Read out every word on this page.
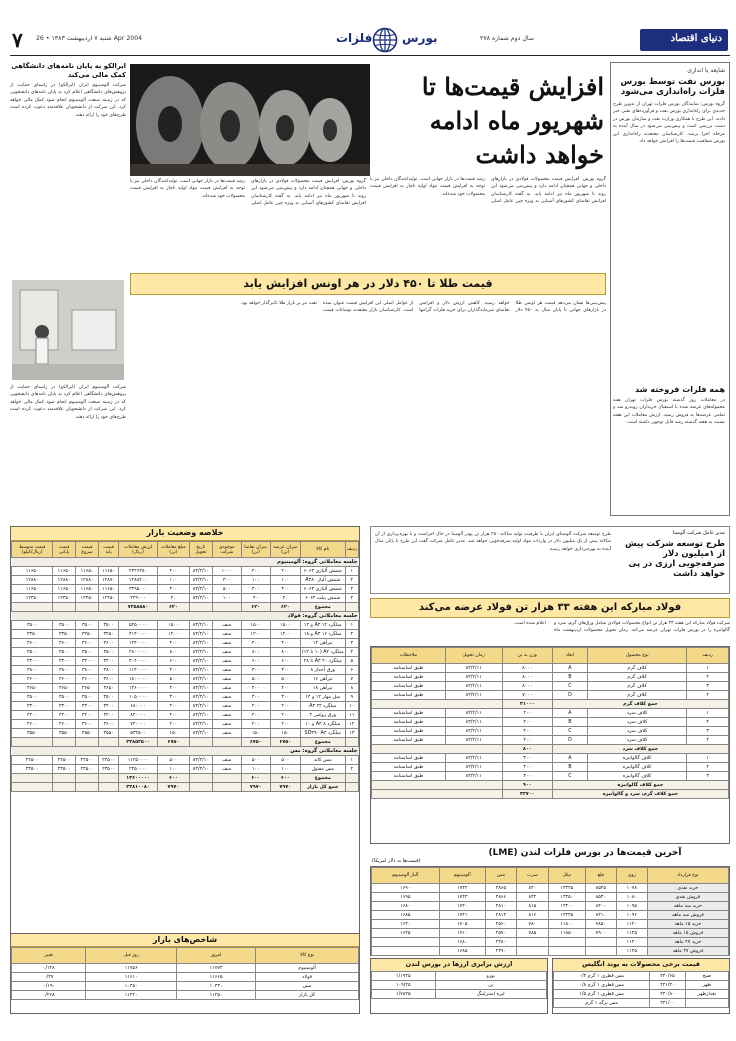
۷ شنبه ۷ اردیبهشت ۱۳۸۳ • 26 Apr 2004	بورس
فلزات	سال دوم شماره ۲۷۸	دنیای اقتصاد
شایعه یا اندازی
بورس نفت توسط بورس فلزات راه‌اندازی می‌شود
گروه بورس: نمایندگان بورس فلزات تهران از تدوین طرح جدیدی برای راه‌اندازی بورس نفت و فرآورده‌های نفتی خبر دادند. این طرح با همکاری وزارت نفت و سازمان بورس در دست بررسی است و پیش‌بینی می‌شود در سال آینده به مرحله اجرا برسد. کارشناسان معتقدند راه‌اندازی این بورس شفافیت قیمت‌ها را افزایش خواهد داد.
همه فلزات فروخته شد
در معاملات روز گذشته بورس فلزات تهران همه محموله‌های عرضه شده با استقبال خریداران روبه‌رو شد و تمامی عرضه‌ها به فروش رسید. ارزش معاملات این هفته نسبت به هفته گذشته رشد قابل توجهی داشته است.
افزایش قیمت‌ها تا شهریور ماه ادامه خواهد داشت
گروه بورس: افزایش قیمت محصولات فولادی در بازارهای داخلی و جهانی همچنان ادامه دارد و پیش‌بینی می‌شود این روند تا شهریور ماه نیز ادامه یابد. به گفته کارشناسان افزایش تقاضای کشورهای آسیایی به ویژه چین عامل اصلی رشد قیمت‌ها در بازار جهانی است. تولیدکنندگان داخلی نیز با توجه به افزایش قیمت مواد اولیه ناچار به افزایش قیمت محصولات خود شده‌اند.
گروه بورس: افزایش قیمت محصولات فولادی در بازارهای داخلی و جهانی همچنان ادامه دارد و پیش‌بینی می‌شود این روند تا شهریور ماه نیز ادامه یابد. به گفته کارشناسان افزایش تقاضای کشورهای آسیایی به ویژه چین عامل اصلی رشد قیمت‌ها در بازار جهانی است. تولیدکنندگان داخلی نیز با توجه به افزایش قیمت مواد اولیه ناچار به افزایش قیمت محصولات خود شده‌اند.
ایرالکو به پایان نامه‌های دانشگاهی کمک مالی می‌کند
شرکت آلومینیوم ایران (ایرالکو) در راستای حمایت از پژوهش‌های دانشگاهی اعلام کرد به پایان نامه‌های دانشجویی که در زمینه صنعت آلومینیوم انجام شود کمک مالی خواهد کرد. این شرکت از دانشجویان علاقه‌مند دعوت کرده است طرح‌های خود را ارائه دهند.
شرکت آلومینیوم ایران (ایرالکو) در راستای حمایت از پژوهش‌های دانشگاهی اعلام کرد به پایان نامه‌های دانشجویی که در زمینه صنعت آلومینیوم انجام شود کمک مالی خواهد کرد. این شرکت از دانشجویان علاقه‌مند دعوت کرده است طرح‌های خود را ارائه دهند.
قیمت طلا تا ۴۵۰ دلار در هر اونس افزایش یابد
پیش‌بینی‌ها نشان می‌دهد قیمت هر اونس طلا در بازارهای جهانی تا پایان سال به ۴۵۰ دلار خواهد رسید. کاهش ارزش دلار و افزایش تقاضای سرمایه‌گذاران برای خرید فلزات گرانبها از عوامل اصلی این افزایش قیمت عنوان شده است. کارشناسان بازار معتقدند نوسانات قیمت نفت نیز بر بازار طلا تاثیرگذار خواهد بود.
خلاصه وضعیت بازار
ردیف	نام کالا	میزان عرضه (تن)	میزان تقاضا (تن)	موجودی شرکت	تاریخ تحویل	مبلغ معاملات (تن)	ارزش معاملات (ریال)	قیمت پایه	قیمت شروع	قیمت پایانی	قیمت متوسط (ریال/کیلو)
جلسه معاملاتی گروه: آلومینیوم											
۱	شمش آلیاژی ۶۰۶۳	۲۰۰	۲۰۰	۱۰۰۰	۸۳/۲/۱۰	۲۰۰	۲۳۲۶۳۸۰	۱۱۶۵۰	۱۱۶۵۰	۱۱۶۵۰	۱۱۶۵۰
۲	شمش آلیاژ A۳۸۰	۱۰۰	۱۰۰	۳۰۰	۸۳/۲/۱۰	۱۰۰	۱۲۸۸۲۰۰	۱۲۸۷۰	۱۲۸۸۰	۱۲۸۸۰	۱۲۸۸۰
۳	شمش آلیاژی ۶۰۶۳	۳۰۰	۳۰۰	۵۰۰	۸۳/۲/۱۰	۳۰۰	۳۴۹۵۰۰۰	۱۱۶۵۰	۱۱۶۵۰	۱۱۶۵۰	۱۱۶۵۰
۴	شمش بیلت ۶۰۶۳	۲۰	۲۰	۱۰۰	۸۳/۲/۱۰	۲۰	۲۴۹۰۰۰	۱۲۴۵۰	۱۲۴۵۰	۱۲۴۵۰	۱۲۴۵۰
	مجموع	۶۲۰	۶۲۰			۶۲۰	۷۳۵۸۵۸۰				
جلسه معاملاتی گروه: فولاد											
۱	میلگرد A۳ ۱۲ و ۱۴	۱۵۰۰	۱۵۰۰	سف	۸۳/۲/۱۰	۱۵۰۰	۵۲۵۰۰۰۰	۳۵۰۰	۳۵۰۰	۳۵۰۰	۳۵۰۰
۲	میلگرد A۳ ۱۶ و ۱۸	۱۲۰۰	۱۲۰۰	سف	۸۳/۲/۱۰	۱۲۰۰	۴۱۴۰۰۰۰	۳۴۵۰	۳۴۵۰	۳۴۵۰	۳۴۵۰
۳	تیرآهن ۱۴	۴۰۰	۴۰۰	سف	۸۳/۲/۱۰	۴۰۰	۱۴۴۰۰۰۰	۳۶۰۰	۳۶۰۰	۳۶۰۰	۳۶۰۰
۴	میلگرد A۲ (۱۰ تا ۱۲)	۸۰۰	۸۰۰	سف	۸۳/۲/۱۰	۸۰۰	۲۸۰۰۰۰۰	۳۵۰۰	۳۵۰۰	۳۵۰۰	۳۵۰۰
۵	میلگرد A۳ ۲۰ تا ۲۸	۶۰۰	۶۰۰	سف	۸۳/۲/۱۰	۶۰۰	۲۰۴۰۰۰۰	۳۴۰۰	۳۴۰۰	۳۴۰۰	۳۴۰۰
۶	ورق آجدار ۸	۳۰۰	۳۰۰	سف	۸۳/۲/۱۰	۳۰۰	۱۱۴۰۰۰۰	۳۸۰۰	۳۸۰۰	۳۸۰۰	۳۸۰۰
۷	تیرآهن ۱۶	۵۰۰	۵۰۰	سف	۸۳/۲/۱۰	۵۰۰	۱۸۰۰۰۰۰	۳۶۰۰	۳۶۰۰	۳۶۰۰	۳۶۰۰
۸	تیرآهن ۱۸	۴۰۰	۴۰۰	سف	۸۳/۲/۱۰	۴۰۰	۱۴۶۰۰۰۰	۳۶۵۰	۳۶۵۰	۳۶۵۰	۳۶۵۰
۹	میل مهار ۱۲ و ۱۴	۳۰۰	۳۰۰	سف	۸۳/۲/۱۰	۳۰۰	۱۰۵۰۰۰۰	۳۵۰۰	۳۵۰۰	۳۵۰۰	۳۵۰۰
۱۰	میلگرد A۳ ۲۲	۲۰۰	۲۰۰	سف	۸۳/۲/۱۰	۲۰۰	۶۸۰۰۰۰	۳۴۰۰	۳۴۰۰	۳۴۰۰	۳۴۰۰
۱۱	ورق روغنی ۲	۲۰۰	۲۰۰	سف	۸۳/۲/۱۰	۲۰۰	۸۴۰۰۰۰	۴۲۰۰	۴۲۰۰	۴۲۰۰	۴۲۰۰
۱۲	میلگرد A۳ ۸ و ۱۰	۲۰۰	۲۰۰	سف	۸۳/۲/۱۰	۲۰۰	۷۲۰۰۰۰	۳۶۰۰	۳۶۰۰	۳۶۰۰	۳۶۰۰
۱۳	میلگرد SD۳۹۰ A۳	۱۵۰	۱۵۰	سف	۸۳/۲/۱۰	۱۵۰	۵۳۲۵۰۰	۳۵۵۰	۳۵۵۰	۳۵۵۰	۳۵۵۰
	مجموع	۶۷۵۰	۶۷۵۰			۶۷۵۰	۲۳۸۵۲۵۰۰				
جلسه معاملاتی گروه: مس											
۱	مس کاتد	۵۰۰	۵۰۰	سف	۸۳/۲/۱۰	۵۰۰	۱۱۲۵۰۰۰۰	۲۲۵۰۰	۲۲۵۰۰	۲۲۵۰۰	۲۲۵۰۰
۲	مس مفتول	۱۰۰	۱۰۰	سف	۸۳/۲/۱۰	۱۰۰	۲۳۵۰۰۰۰	۲۳۵۰۰	۲۳۵۰۰	۲۳۵۰۰	۲۳۵۰۰
	مجموع	۶۰۰	۶۰۰			۶۰۰	۱۳۶۰۰۰۰۰				
	جمع کل بازار	۷۹۷۰	۷۹۷۰			۷۹۷۰	۴۴۸۱۰۰۸۰				
شاخص‌های بازار
نوع کالا	امروز	روز قبل	تغییر
آلومینیوم	۱۱۷۷۳	۱۱۷۵۶	۰/۱۴۸
فولاد	۱۱۶۶۵	۱۱۶۱۰	۰/۴۷
مس	۱۰۴۳۰	۱۰۴۵۰	-۰/۱۹
کل بازار	۱۱۲۵۰	۱۱۲۲۰	۰/۲۶۸
مدیر عامل شرکت آلومینا
طرح توسعه شرکت پیش از ۱میلیون دلار صرفه‌جویی ارزی در پی خواهد داشت
طرح توسعه شرکت آلومینای ایران با ظرفیت تولید سالانه ۲۸۰ هزار تن پودر آلومینا در حال اجراست و با بهره‌برداری از آن سالانه بیش از یک میلیون دلار در واردات مواد اولیه صرفه‌جویی خواهد شد. مدیر عامل شرکت گفت این طرح تا پایان سال آینده به بهره‌برداری خواهد رسید.
فولاد مبارکه این هفته ۳۳ هزار تن فولاد عرضه می‌کند
شرکت فولاد مبارکه این هفته ۳۳ هزار تن انواع محصولات فولادی شامل ورق‌های گرم، سرد و گالوانیزه را در بورس فلزات تهران عرضه می‌کند. زمان تحویل محصولات اردیبهشت ماه اعلام شده است.
ردیف	نوع محصول	ابعاد	وزن به تن	زمان تحویل	ملاحظات
۱	کلاف گرم	A	۸۰۰۰	۸۳/۲/۱۱	طبق اساسنامه
۲	کلاف گرم	B	۸۰۰۰	۸۳/۲/۱۱	طبق اساسنامه
۳	کلاف گرم	C	۸۰۰۰	۸۳/۲/۱۱	طبق اساسنامه
۴	کلاف گرم	D	۷۰۰۰	۸۳/۲/۱۱	طبق اساسنامه
جمع کلاف گرم			۳۱۰۰۰		
۱	کلاف سرد	A	۲۰۰	۸۳/۲/۱۱	طبق اساسنامه
۲	کلاف سرد	B	۲۰۰	۸۳/۲/۱۱	طبق اساسنامه
۳	کلاف سرد	C	۲۰۰	۸۳/۲/۱۱	طبق اساسنامه
۴	کلاف سرد	D	۲۰۰	۸۳/۲/۱۱	طبق اساسنامه
جمع کلاف سرد			۸۰۰		
۱	کلاف گالوانیزه	A	۳۰۰	۸۳/۲/۱۱	طبق اساسنامه
۲	کلاف گالوانیزه	B	۳۰۰	۸۳/۲/۱۱	طبق اساسنامه
۳	کلاف گالوانیزه	C	۳۰۰	۸۳/۲/۱۱	طبق اساسنامه
جمع کلاف گالوانیزه			۹۰۰		
جمع کلاف گرم، سرد و گالوانیزه			۳۲۷۰۰		
آخرین قیمت‌ها در بورس فلزات لندن (LME)
(قیمت‌ها به دلار امریکا)
نوع قرارداد	روی	قلع	نیکل	سرب	مس	آلومینیوم	آلیاژ آلومینیوم
خرید نقدی	۱۰۷۸	۸۵۲۵	۱۳۴۲۵	۸۳۰	۲۸۶۵	۱۷۴۲	۱۶۹۰
فروش نقدی	۱۰۸۰	۸۵۳۰	۱۳۴۵۰	۸۳۲	۲۸۶۶	۱۷۴۳	۱۶۹۵
خرید سه ماهه	۱۰۹۵	۸۴۰۰	۱۳۲۰۰	۸۱۵	۲۸۱۰	۱۷۴۰	۱۶۸۰
فروش سه ماهه	۱۰۹۶	۸۴۱۰	۱۳۲۲۵	۸۱۶	۲۸۱۲	۱۷۴۱	۱۶۸۵
خرید ۱۵ ماهه	۱۱۲۰	۷۸۵۰	۱۱۸۰۰	۷۸۰	۲۵۶۰	۱۷۰۵	۱۶۴۰
فروش ۱۵ ماهه	۱۱۲۵	۷۹۰۰	۱۱۸۵۰	۷۸۵	۲۵۷۰	۱۷۱۰	۱۶۴۵
خرید ۲۷ ماهه	۱۱۴۰				۲۳۸۰	۱۶۸۰	
فروش ۲۷ ماهه	۱۱۴۵				۲۳۹۰	۱۶۸۵	
ارزش برابری ارزها در بورس لندن
یورو	۱/۱۹۴۵
ین	۱۰۹/۲۵
لیره استرلینگ	۱/۷۸۴۵
قیمت برخی محصولات به یوند انگلیس
صبح	۲۴۰/۶۵	مس قطری ۱ گرم ۰/۴
ظهر	۲۴۱/۲۰	مس قطری ۱ گرم ۰/۸
بعدازظهر	۲۴۰/۸۰	مس قطری ۱ گرم ۱/۵
	۲۴۱/۰۰	مس برگه ۱ گرم
